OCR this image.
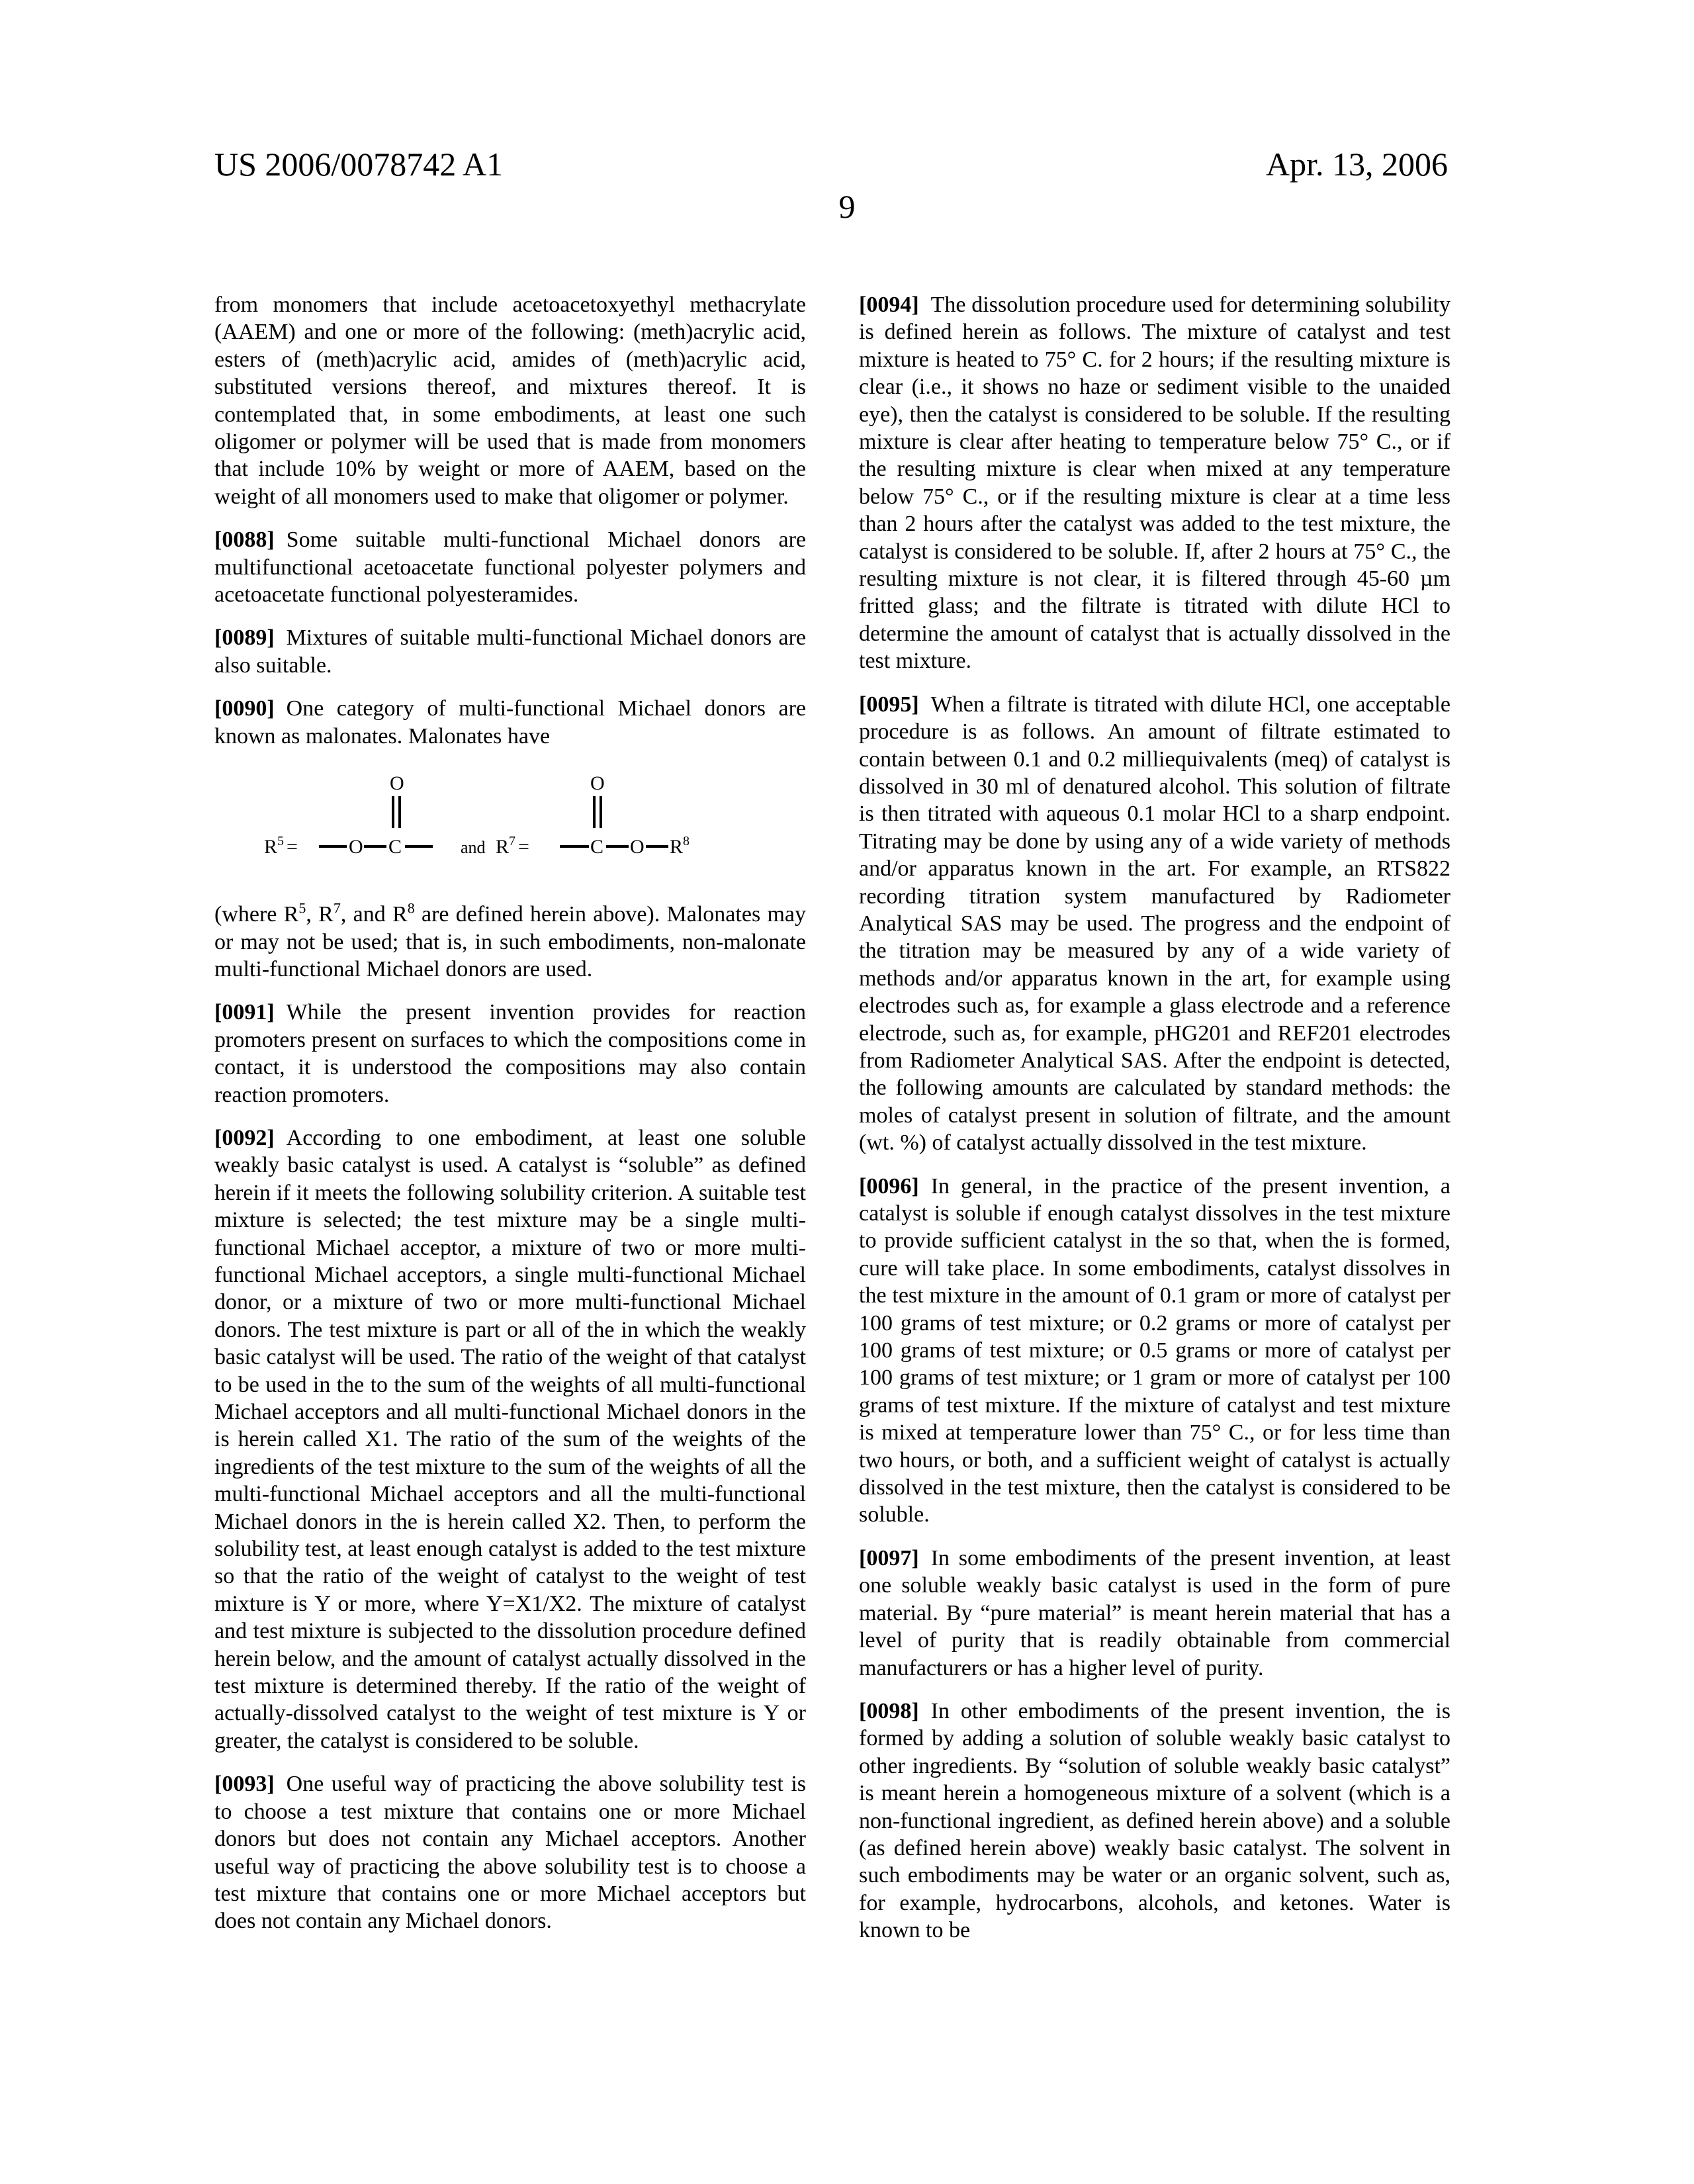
US 2006/0078742 A1	Apr. 13, 2006
9

from monomers that include acetoacetoxyethyl methacrylate (AAEM) and one or more of the following: (meth)acrylic acid, esters of (meth)acrylic acid, amides of (meth)acrylic acid, substituted versions thereof, and mixtures thereof. It is contemplated that, in some embodiments, at least one such oligomer or polymer will be used that is made from monomers that include 10% by weight or more of AAEM, based on the weight of all monomers used to make that oligomer or polymer.

[0088] Some suitable multi-functional Michael donors are multifunctional acetoacetate functional polyester polymers and acetoacetate functional polyesteramides.

[0089] Mixtures of suitable multi-functional Michael donors are also suitable.

[0090] One category of multi-functional Michael donors are known as malonates. Malonates have

R5 =	O C
O
and R7 =	C
O
O R8

(where R5, R7, and R8 are defined herein above). Malonates may or may not be used; that is, in such embodiments, non-malonate multi-functional Michael donors are used.

[0091] While the present invention provides for reaction promoters present on surfaces to which the compositions come in contact, it is understood the compositions may also contain reaction promoters.

[0092] According to one embodiment, at least one soluble weakly basic catalyst is used. A catalyst is “soluble” as defined herein if it meets the following solubility criterion. A suitable test mixture is selected; the test mixture may be a single multi-functional Michael acceptor, a mixture of two or more multi-functional Michael acceptors, a single multi-functional Michael donor, or a mixture of two or more multi-functional Michael donors. The test mixture is part or all of the in which the weakly basic catalyst will be used. The ratio of the weight of that catalyst to be used in the to the sum of the weights of all multi-functional Michael acceptors and all multi-functional Michael donors in the is herein called X1. The ratio of the sum of the weights of the ingredients of the test mixture to the sum of the weights of all the multi-functional Michael acceptors and all the multi-functional Michael donors in the is herein called X2. Then, to perform the solubility test, at least enough catalyst is added to the test mixture so that the ratio of the weight of catalyst to the weight of test mixture is Y or more, where Y=X1/X2. The mixture of catalyst and test mixture is subjected to the dissolution procedure defined herein below, and the amount of catalyst actually dissolved in the test mixture is determined thereby. If the ratio of the weight of actually-dissolved catalyst to the weight of test mixture is Y or greater, the catalyst is considered to be soluble.

[0093] One useful way of practicing the above solubility test is to choose a test mixture that contains one or more Michael donors but does not contain any Michael acceptors. Another useful way of practicing the above solubility test is to choose a test mixture that contains one or more Michael acceptors but does not contain any Michael donors.

[0094] The dissolution procedure used for determining solubility is defined herein as follows. The mixture of catalyst and test mixture is heated to 75° C. for 2 hours; if the resulting mixture is clear (i.e., it shows no haze or sediment visible to the unaided eye), then the catalyst is considered to be soluble. If the resulting mixture is clear after heating to temperature below 75° C., or if the resulting mixture is clear when mixed at any temperature below 75° C., or if the resulting mixture is clear at a time less than 2 hours after the catalyst was added to the test mixture, the catalyst is considered to be soluble. If, after 2 hours at 75° C., the resulting mixture is not clear, it is filtered through 45-60 µm fritted glass; and the filtrate is titrated with dilute HCl to determine the amount of catalyst that is actually dissolved in the test mixture.

[0095] When a filtrate is titrated with dilute HCl, one acceptable procedure is as follows. An amount of filtrate estimated to contain between 0.1 and 0.2 milliequivalents (meq) of catalyst is dissolved in 30 ml of denatured alcohol. This solution of filtrate is then titrated with aqueous 0.1 molar HCl to a sharp endpoint. Titrating may be done by using any of a wide variety of methods and/or apparatus known in the art. For example, an RTS822 recording titration system manufactured by Radiometer Analytical SAS may be used. The progress and the endpoint of the titration may be measured by any of a wide variety of methods and/or apparatus known in the art, for example using electrodes such as, for example a glass electrode and a reference electrode, such as, for example, pHG201 and REF201 electrodes from Radiometer Analytical SAS. After the endpoint is detected, the following amounts are calculated by standard methods: the moles of catalyst present in solution of filtrate, and the amount (wt. %) of catalyst actually dissolved in the test mixture.

[0096] In general, in the practice of the present invention, a catalyst is soluble if enough catalyst dissolves in the test mixture to provide sufficient catalyst in the so that, when the is formed, cure will take place. In some embodiments, catalyst dissolves in the test mixture in the amount of 0.1 gram or more of catalyst per 100 grams of test mixture; or 0.2 grams or more of catalyst per 100 grams of test mixture; or 0.5 grams or more of catalyst per 100 grams of test mixture; or 1 gram or more of catalyst per 100 grams of test mixture. If the mixture of catalyst and test mixture is mixed at temperature lower than 75° C., or for less time than two hours, or both, and a sufficient weight of catalyst is actually dissolved in the test mixture, then the catalyst is considered to be soluble.

[0097] In some embodiments of the present invention, at least one soluble weakly basic catalyst is used in the form of pure material. By “pure material” is meant herein material that has a level of purity that is readily obtainable from commercial manufacturers or has a higher level of purity.

[0098] In other embodiments of the present invention, the is formed by adding a solution of soluble weakly basic catalyst to other ingredients. By “solution of soluble weakly basic catalyst” is meant herein a homogeneous mixture of a solvent (which is a non-functional ingredient, as defined herein above) and a soluble (as defined herein above) weakly basic catalyst. The solvent in such embodiments may be water or an organic solvent, such as, for example, hydrocarbons, alcohols, and ketones. Water is known to be
